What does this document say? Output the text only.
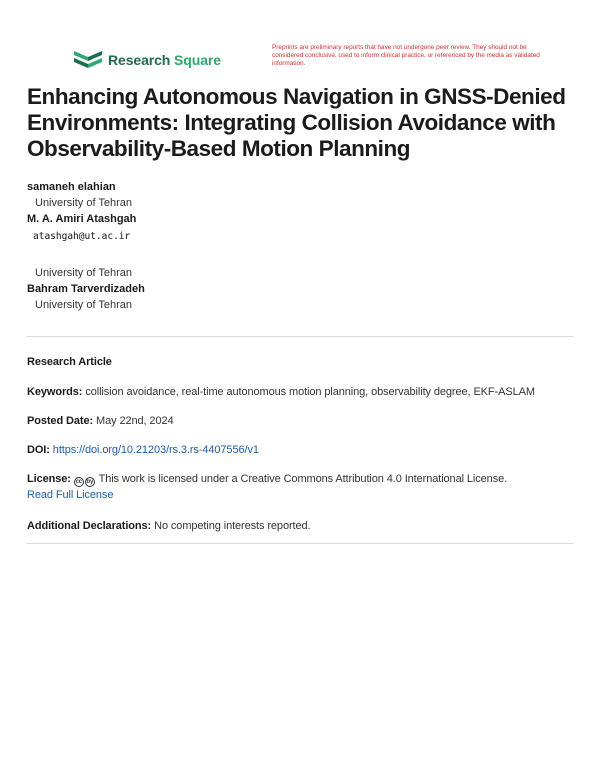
Research Square
Preprints are preliminary reports that have not undergone peer review. They should not be considered conclusive, used to inform clinical practice, or referenced by the media as validated information.
Enhancing Autonomous Navigation in GNSS-Denied Environments: Integrating Collision Avoidance with Observability-Based Motion Planning
samaneh elahian
University of Tehran
M. A. Amiri Atashgah
atashgah@ut.ac.ir
University of Tehran
Bahram Tarverdizadeh
University of Tehran
Research Article
Keywords: collision avoidance, real-time autonomous motion planning, observability degree, EKF-ASLAM
Posted Date: May 22nd, 2024
DOI: https://doi.org/10.21203/rs.3.rs-4407556/v1
License: cc by This work is licensed under a Creative Commons Attribution 4.0 International License.
Read Full License
Additional Declarations: No competing interests reported.
